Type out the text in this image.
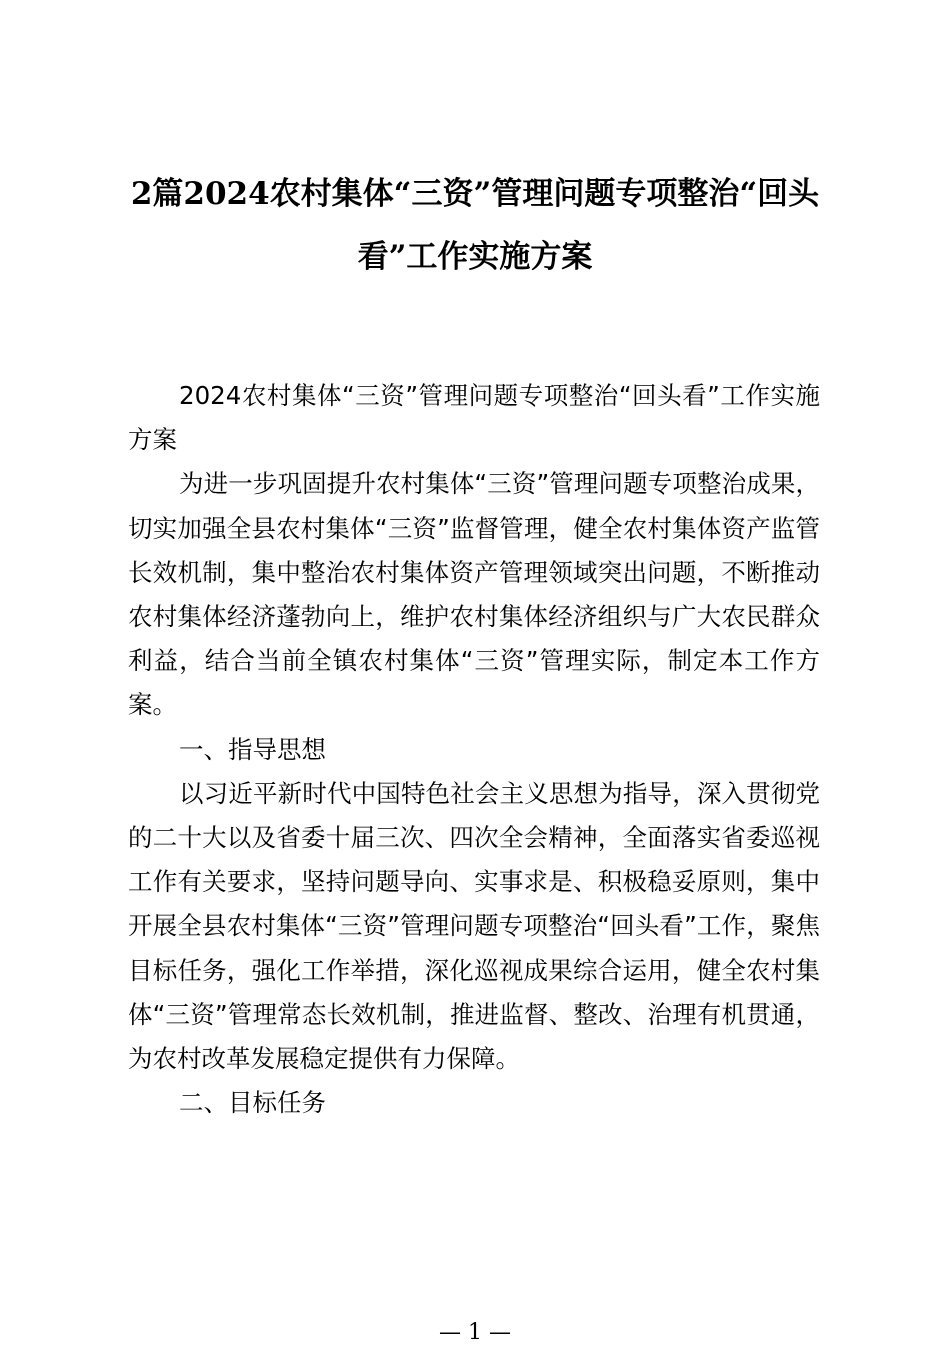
2篇2024农村集体“三资”管理问题专项整治“回头看”工作实施方案

2024农村集体“三资”管理问题专项整治“回头看”工作实施方案

为进一步巩固提升农村集体“三资”管理问题专项整治成果，切实加强全县农村集体“三资”监督管理，健全农村集体资产监管长效机制，集中整治农村集体资产管理领域突出问题，不断推动农村集体经济蓬勃向上，维护农村集体经济组织与广大农民群众利益，结合当前全镇农村集体“三资”管理实际，制定本工作方案。

一、指导思想

以习近平新时代中国特色社会主义思想为指导，深入贯彻党的二十大以及省委十届三次、四次全会精神，全面落实省委巡视工作有关要求，坚持问题导向、实事求是、积极稳妥原则，集中开展全县农村集体“三资”管理问题专项整治“回头看”工作，聚焦目标任务，强化工作举措，深化巡视成果综合运用，健全农村集体“三资”管理常态长效机制，推进监督、整改、治理有机贯通，为农村改革发展稳定提供有力保障。

二、目标任务

— 1 —
